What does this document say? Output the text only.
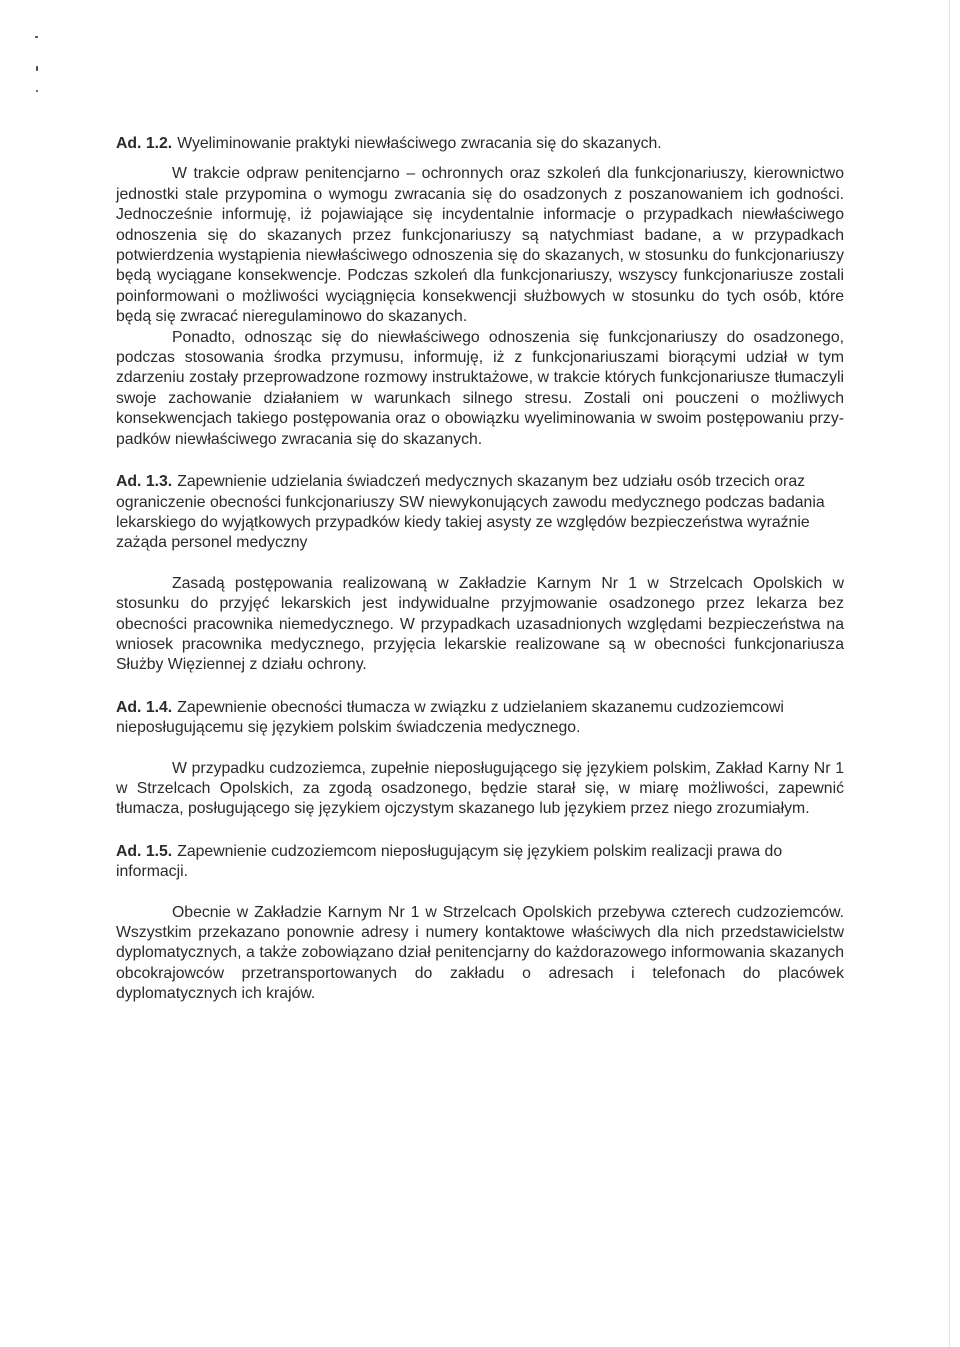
Ad. 1.2. Wyeliminowanie praktyki niewłaściwego zwracania się do skazanych.

W trakcie odpraw penitencjarno – ochronnych oraz szkoleń dla funkcjonariuszy, kierownictwo jednostki stale przypomina o wymogu zwracania się do osadzonych z poszanowaniem ich godności. Jednocześnie informuję, iż pojawiające się incydentalnie informacje o przypadkach niewłaściwego odnoszenia się do skazanych przez funkcjonariuszy są natychmiast badane, a w przypadkach potwierdzenia wystąpienia niewłaściwego odnoszenia się do skazanych, w stosunku do funkcjonariuszy będą wyciągane konsekwencje. Podczas szkoleń dla funkcjonariuszy, wszyscy funkcjonariusze zostali poinformowani o możliwości wyciągnięcia konsekwencji służbowych w stosunku do tych osób, które będą się zwracać nieregulaminowo do skazanych.

Ponadto, odnosząc się do niewłaściwego odnoszenia się funkcjonariuszy do osadzonego, podczas stosowania środka przymusu, informuję, iż z funkcjonariuszami biorącymi udział w tym zdarzeniu zostały przeprowadzone rozmowy instruktażowe, w trakcie których funkcjonariusze tłumaczyli swoje zachowanie działaniem w warunkach silnego stresu. Zostali oni pouczeni o możliwych konsekwencjach takiego postępowania oraz o obowiązku wyeliminowania w swoim postępowaniu przypadków niewłaściwego zwracania się do skazanych.

Ad. 1.3. Zapewnienie udzielania świadczeń medycznych skazanym bez udziału osób trzecich oraz ograniczenie obecności funkcjonariuszy SW niewykonujących zawodu medycznego podczas badania lekarskiego do wyjątkowych przypadków kiedy takiej asysty ze względów bezpieczeństwa wyraźnie zażąda personel medyczny

Zasadą postępowania realizowaną w Zakładzie Karnym Nr 1 w Strzelcach Opolskich w stosunku do przyjęć lekarskich jest indywidualne przyjmowanie osadzonego przez lekarza bez obecności pracownika niemedycznego. W przypadkach uzasadnionych względami bezpieczeństwa na wniosek pracownika medycznego, przyjęcia lekarskie realizowane są w obecności funkcjonariusza Służby Więziennej z działu ochrony.

Ad. 1.4. Zapewnienie obecności tłumacza w związku z udzielaniem skazanemu cudzoziemcowi nieposługującemu się językiem polskim świadczenia medycznego.

W przypadku cudzoziemca, zupełnie nieposługującego się językiem polskim, Zakład Karny Nr 1 w Strzelcach Opolskich, za zgodą osadzonego, będzie starał się, w miarę możliwości, zapewnić tłumacza, posługującego się językiem ojczystym skazanego lub językiem przez niego zrozumiałym.

Ad. 1.5. Zapewnienie cudzoziemcom nieposługującym się językiem polskim realizacji prawa do informacji.

Obecnie w Zakładzie Karnym Nr 1 w Strzelcach Opolskich przebywa czterech cudzoziemców. Wszystkim przekazano ponownie adresy i numery kontaktowe właściwych dla nich przedstawicielstw dyplomatycznych, a także zobowiązano dział penitencjarny do każdorazowego informowania skazanych obcokrajowców przetransportowanych do zakładu o adresach i telefonach do placówek dyplomatycznych ich krajów.
